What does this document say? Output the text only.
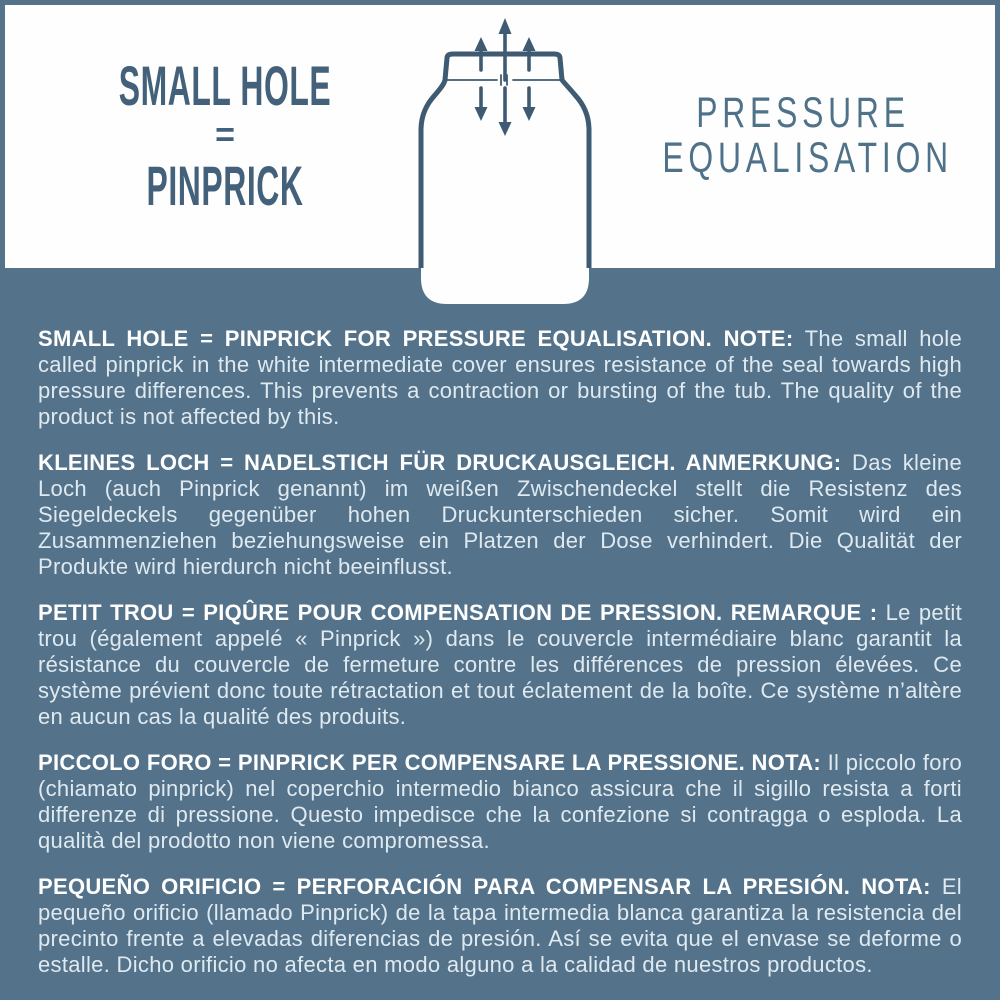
SMALL HOLE
=
PINPRICK
PRESSURE
EQUALISATION

SMALL HOLE = PINPRICK FOR PRESSURE EQUALISATION. NOTE: The small hole called pinprick in the white intermediate cover ensures resistance of the seal towards high pressure differences. This prevents a contraction or bursting of the tub. The quality of the product is not affected by this.

KLEINES LOCH = NADELSTICH FÜR DRUCKAUSGLEICH. ANMERKUNG: Das kleine Loch (auch Pinprick genannt) im weißen Zwischendeckel stellt die Resistenz des Siegeldeckels gegenüber hohen Druckunterschieden sicher. Somit wird ein Zusammenziehen beziehungsweise ein Platzen der Dose verhindert. Die Qualität der Produkte wird hierdurch nicht beeinflusst.

PETIT TROU = PIQÛRE POUR COMPENSATION DE PRESSION. REMARQUE : Le petit trou (également appelé « Pinprick ») dans le couvercle intermédiaire blanc garantit la résistance du couvercle de fermeture contre les différences de pression élevées. Ce système prévient donc toute rétractation et tout éclatement de la boîte. Ce système n’altère en aucun cas la qualité des produits.

PICCOLO FORO = PINPRICK PER COMPENSARE LA PRESSIONE. NOTA: Il piccolo foro (chiamato pinprick) nel coperchio intermedio bianco assicura che il sigillo resista a forti differenze di pressione. Questo impedisce che la confezione si contragga o esploda. La qualità del prodotto non viene compromessa.

PEQUEÑO ORIFICIO = PERFORACIÓN PARA COMPENSAR LA PRESIÓN. NOTA: El pequeño orificio (llamado Pinprick) de la tapa intermedia blanca garantiza la resistencia del precinto frente a elevadas diferencias de presión. Así se evita que el envase se deforme o estalle. Dicho orificio no afecta en modo alguno a la calidad de nuestros productos.
